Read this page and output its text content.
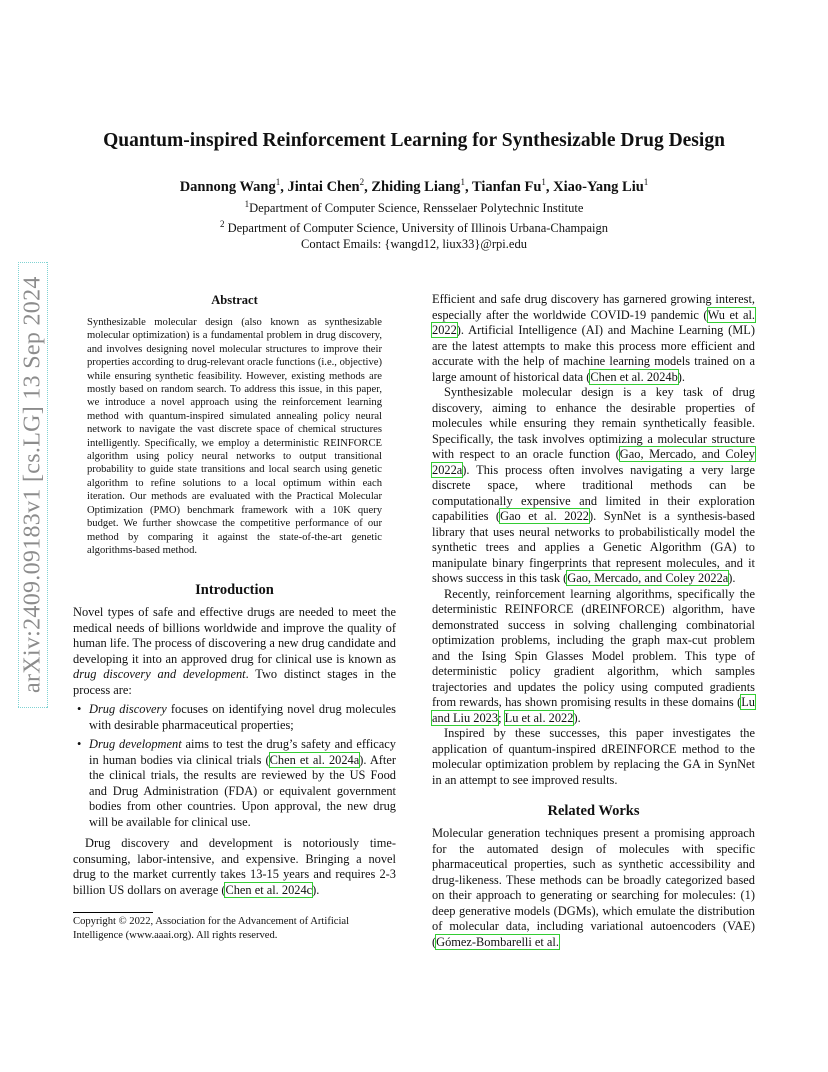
arXiv:2409.09183v1 [cs.LG] 13 Sep 2024
Quantum-inspired Reinforcement Learning for Synthesizable Drug Design
Dannong Wang$^1$, Jintai Chen$^2$, Zhiding Liang$^1$, Tianfan Fu$^1$, Xiao-Yang Liu$^1$
$^1$Department of Computer Science, Rensselaer Polytechnic Institute
$^2$ Department of Computer Science, University of Illinois Urbana-Champaign
Contact Emails: {wangd12, liux33}@rpi.edu
Abstract

Synthesizable molecular design (also known as synthesizable molecular optimization) is a fundamental problem in drug discovery, and involves designing novel molecular structures to improve their properties according to drug-relevant oracle functions (i.e., objective) while ensuring synthetic feasibility. However, existing methods are mostly based on random search. To address this issue, in this paper, we introduce a novel approach using the reinforcement learning method with quantum-inspired simulated annealing policy neural network to navigate the vast discrete space of chemical structures intelligently. Specifically, we employ a deterministic REINFORCE algorithm using policy neural networks to output transitional probability to guide state transitions and local search using genetic algorithm to refine solutions to a local optimum within each iteration. Our methods are evaluated with the Practical Molecular Optimization (PMO) benchmark framework with a 10K query budget. We further showcase the competitive performance of our method by comparing it against the state-of-the-art genetic algorithms-based method.

Introduction

Novel types of safe and effective drugs are needed to meet the medical needs of billions worldwide and improve the quality of human life. The process of discovering a new drug candidate and developing it into an approved drug for clinical use is known as drug discovery and development. Two distinct stages in the process are:

• Drug discovery focuses on identifying novel drug molecules with desirable pharmaceutical properties;
• Drug development aims to test the drug’s safety and efficacy in human bodies via clinical trials (Chen et al. 2024a). After the clinical trials, the results are reviewed by the US Food and Drug Administration (FDA) or equivalent government bodies from other countries. Upon approval, the new drug will be available for clinical use.

Drug discovery and development is notoriously time-consuming, labor-intensive, and expensive. Bringing a novel drug to the market currently takes 13-15 years and requires 2-3 billion US dollars on average (Chen et al. 2024c).

Copyright © 2022, Association for the Advancement of Artificial Intelligence (www.aaai.org). All rights reserved.

Efficient and safe drug discovery has garnered growing interest, especially after the worldwide COVID-19 pandemic (Wu et al. 2022). Artificial Intelligence (AI) and Machine Learning (ML) are the latest attempts to make this process more efficient and accurate with the help of machine learning models trained on a large amount of historical data (Chen et al. 2024b).

Synthesizable molecular design is a key task of drug discovery, aiming to enhance the desirable properties of molecules while ensuring they remain synthetically feasible. Specifically, the task involves optimizing a molecular structure with respect to an oracle function (Gao, Mercado, and Coley 2022a). This process often involves navigating a very large discrete space, where traditional methods can be computationally expensive and limited in their exploration capabilities (Gao et al. 2022). SynNet is a synthesis-based library that uses neural networks to probabilistically model the synthetic trees and applies a Genetic Algorithm (GA) to manipulate binary fingerprints that represent molecules, and it shows success in this task (Gao, Mercado, and Coley 2022a).

Recently, reinforcement learning algorithms, specifically the deterministic REINFORCE (dREINFORCE) algorithm, have demonstrated success in solving challenging combinatorial optimization problems, including the graph max-cut problem and the Ising Spin Glasses Model problem. This type of deterministic policy gradient algorithm, which samples trajectories and updates the policy using computed gradients from rewards, has shown promising results in these domains (Lu and Liu 2023; Lu et al. 2022).

Inspired by these successes, this paper investigates the application of quantum-inspired dREINFORCE method to the molecular optimization problem by replacing the GA in SynNet in an attempt to see improved results.

Related Works

Molecular generation techniques present a promising approach for the automated design of molecules with specific pharmaceutical properties, such as synthetic accessibility and drug-likeness. These methods can be broadly categorized based on their approach to generating or searching for molecules: (1) deep generative models (DGMs), which emulate the distribution of molecular data, including variational autoencoders (VAE) (Gómez-Bombarelli et al.
